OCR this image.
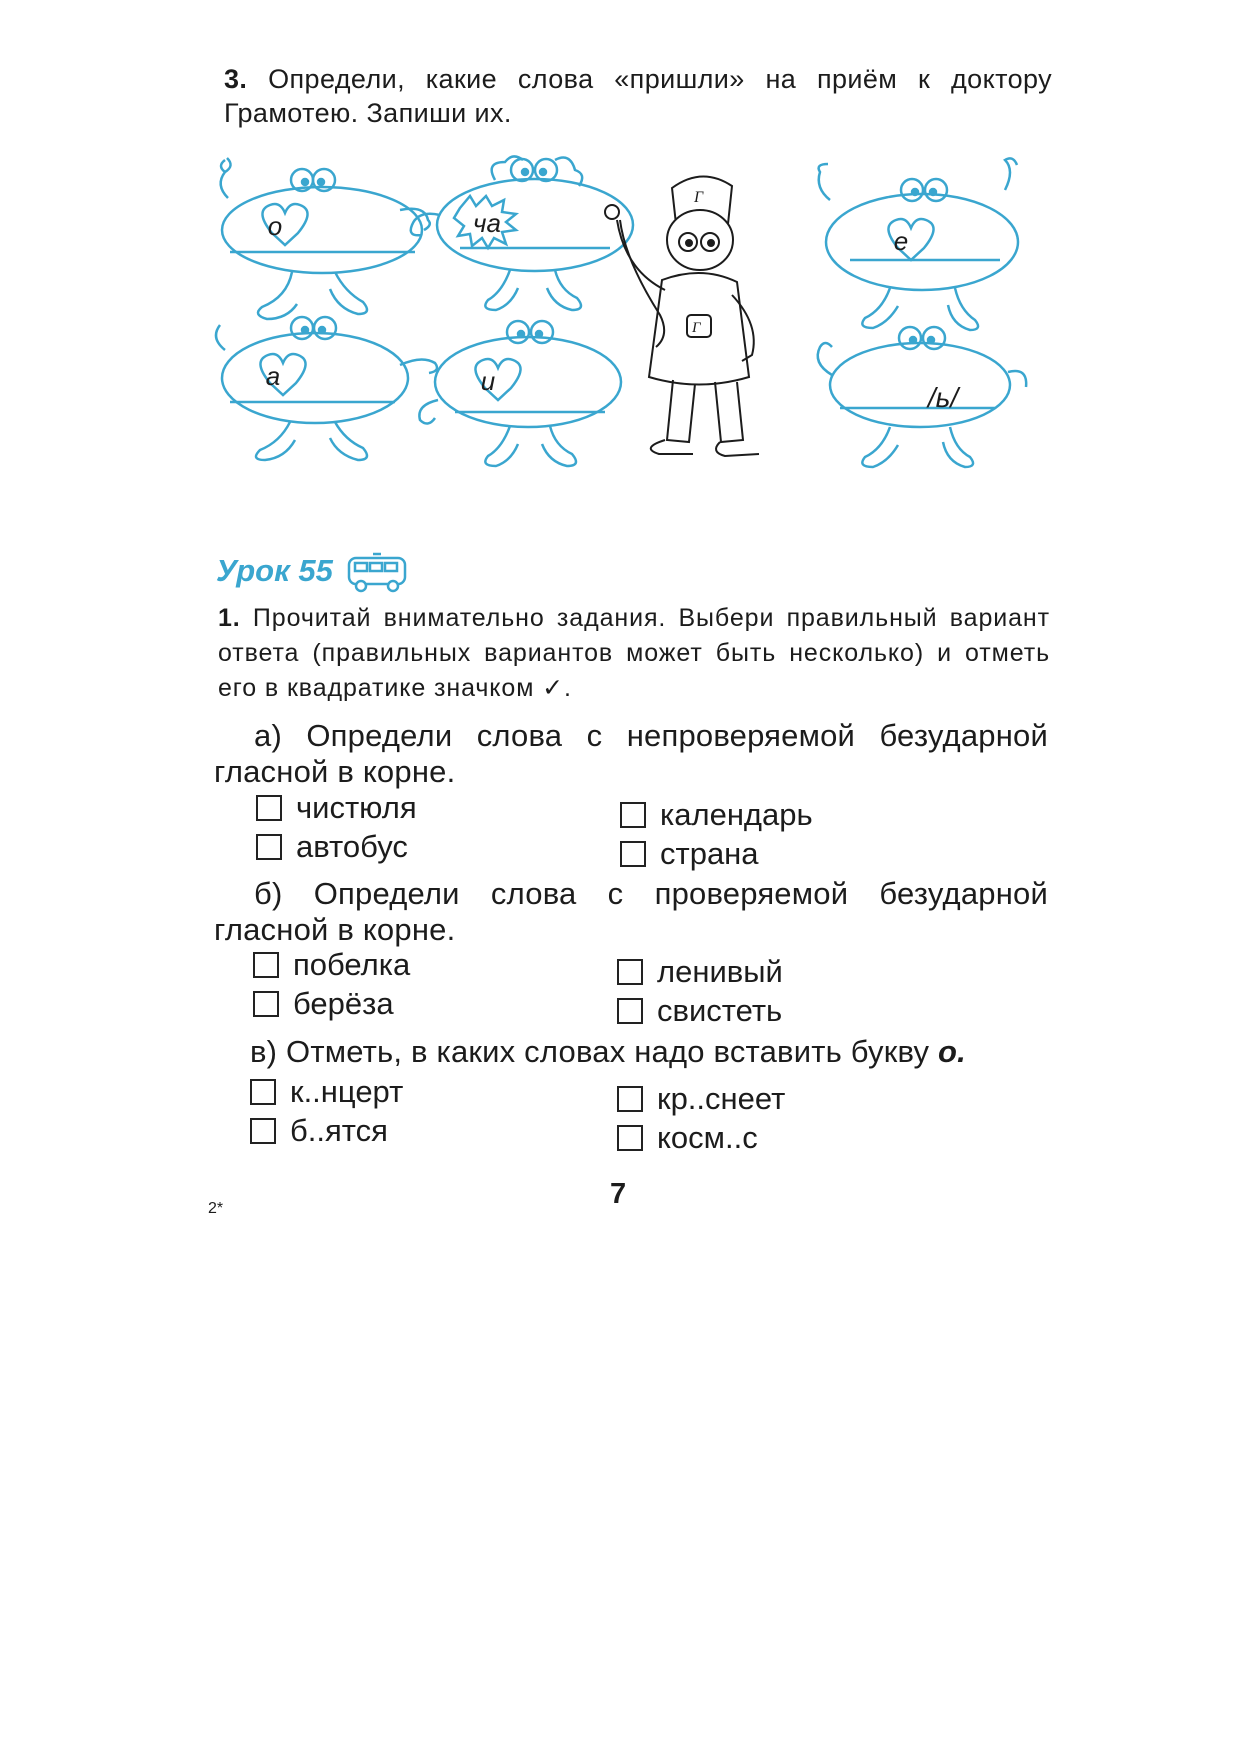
3. Определи, какие слова «пришли» на приём к доктору Грамотею. Запиши их.
о
а	и
е
ча
/ь/
Г
Г
Урок 55
1. Прочитай внимательно задания. Выбери правильный вариант ответа (правильных вариантов может быть несколько) и отметь его в квадратике значком ✓.
а) Определи слова с непроверяемой безударной гласной в корне.
чистюля	календарь
автобус	страна
б) Определи слова с проверяемой безударной гласной в корне.
побелка	ленивый
берёза	свистеть
в) Отметь, в каких словах надо вставить букву о.
к..нцерт	кр..снеет
б..ятся	косм..с
2*	7
